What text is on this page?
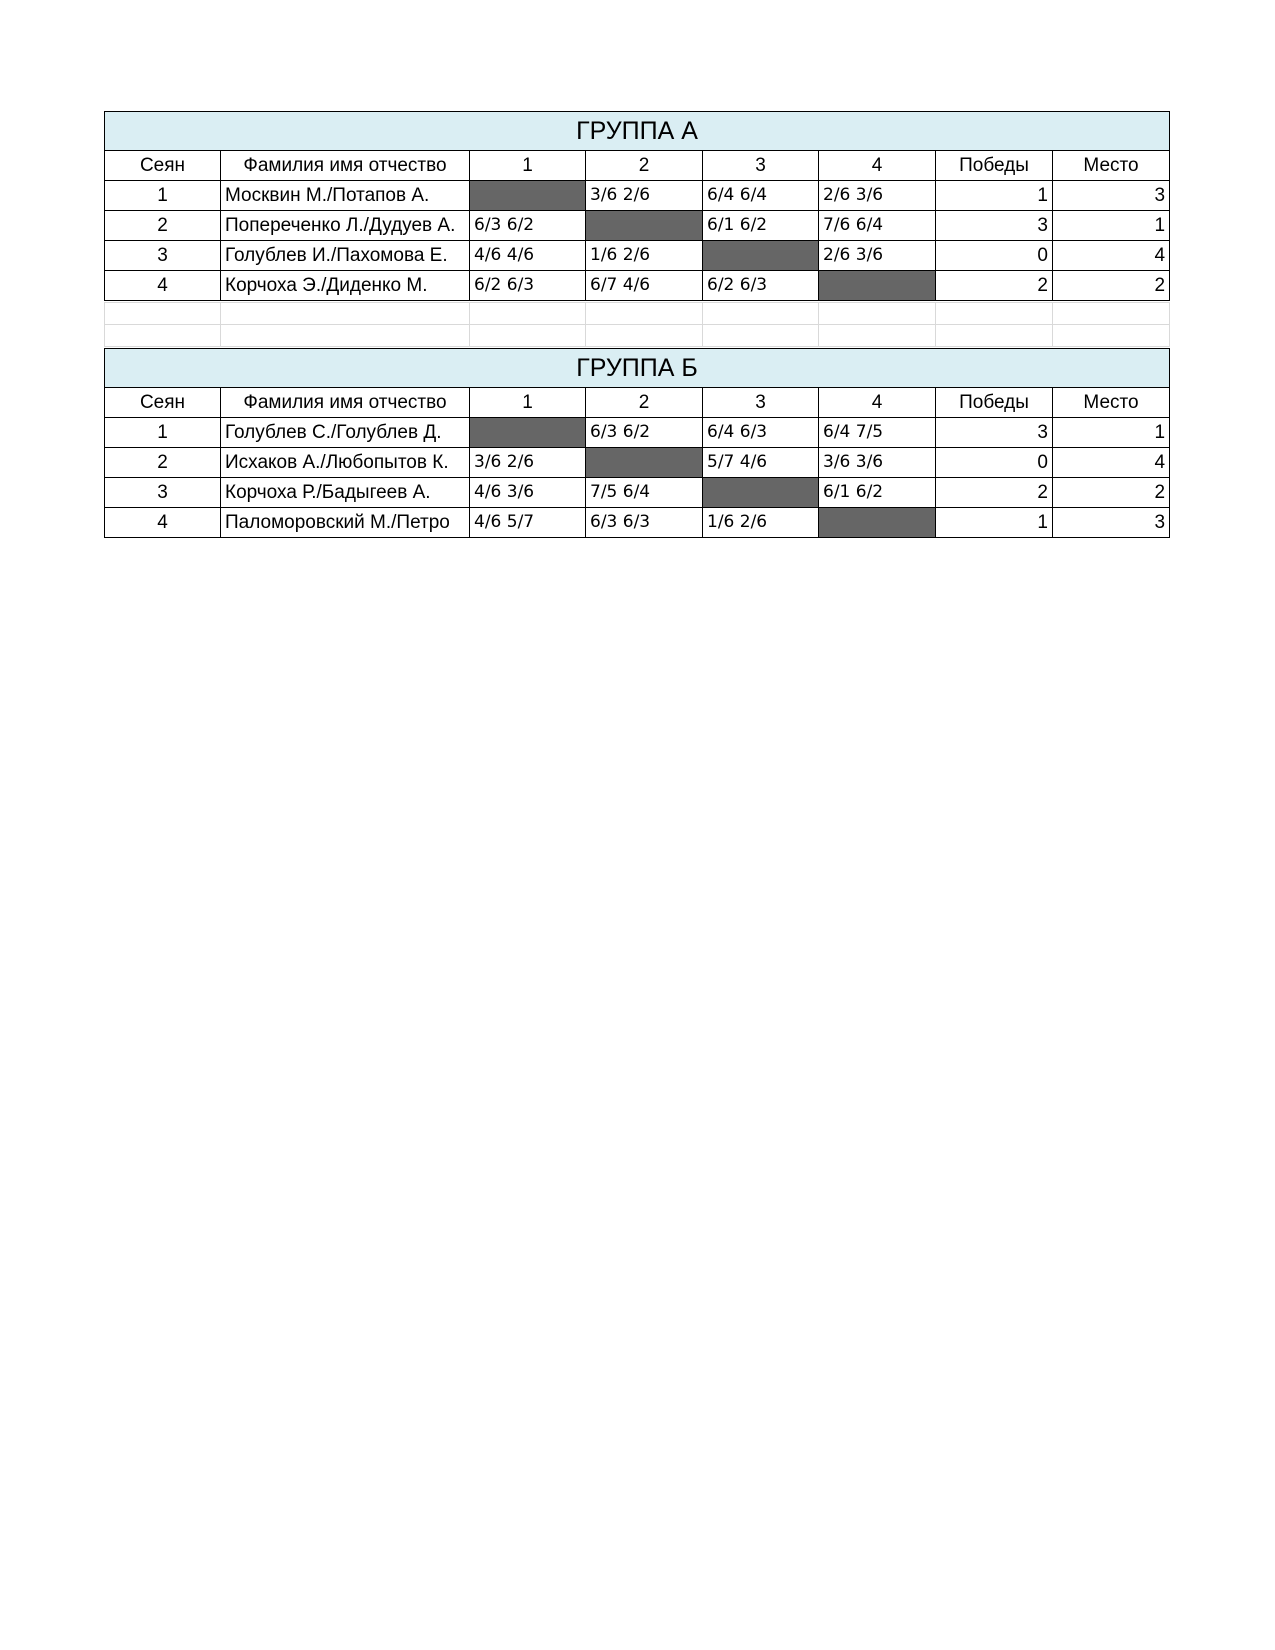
ГРУППА А							
Сеян	Фамилия имя отчество	1	2	3	4	Победы	Место
1	Москвин М./Потапов А.		3/6 2/6	6/4 6/4	2/6 3/6	1	3
2	Попереченко Л./Дудуев А.	6/3 6/2		6/1 6/2	7/6 6/4	3	1
3	Голублев И./Пахомова Е.	4/6 4/6	1/6 2/6		2/6 3/6	0	4
4	Корчоха Э./Диденко М.	6/2 6/3	6/7 4/6	6/2 6/3		2	2

ГРУППА Б							
Сеян	Фамилия имя отчество	1	2	3	4	Победы	Место
1	Голублев С./Голублев Д.		6/3 6/2	6/4 6/3	6/4 7/5	3	1
2	Исхаков А./Любопытов К.	3/6 2/6		5/7 4/6	3/6 3/6	0	4
3	Корчоха Р./Бадыгеев А.	4/6 3/6	7/5 6/4		6/1 6/2	2	2
4	Паломоровский М./Петро	4/6 5/7	6/3 6/3	1/6 2/6		1	3
